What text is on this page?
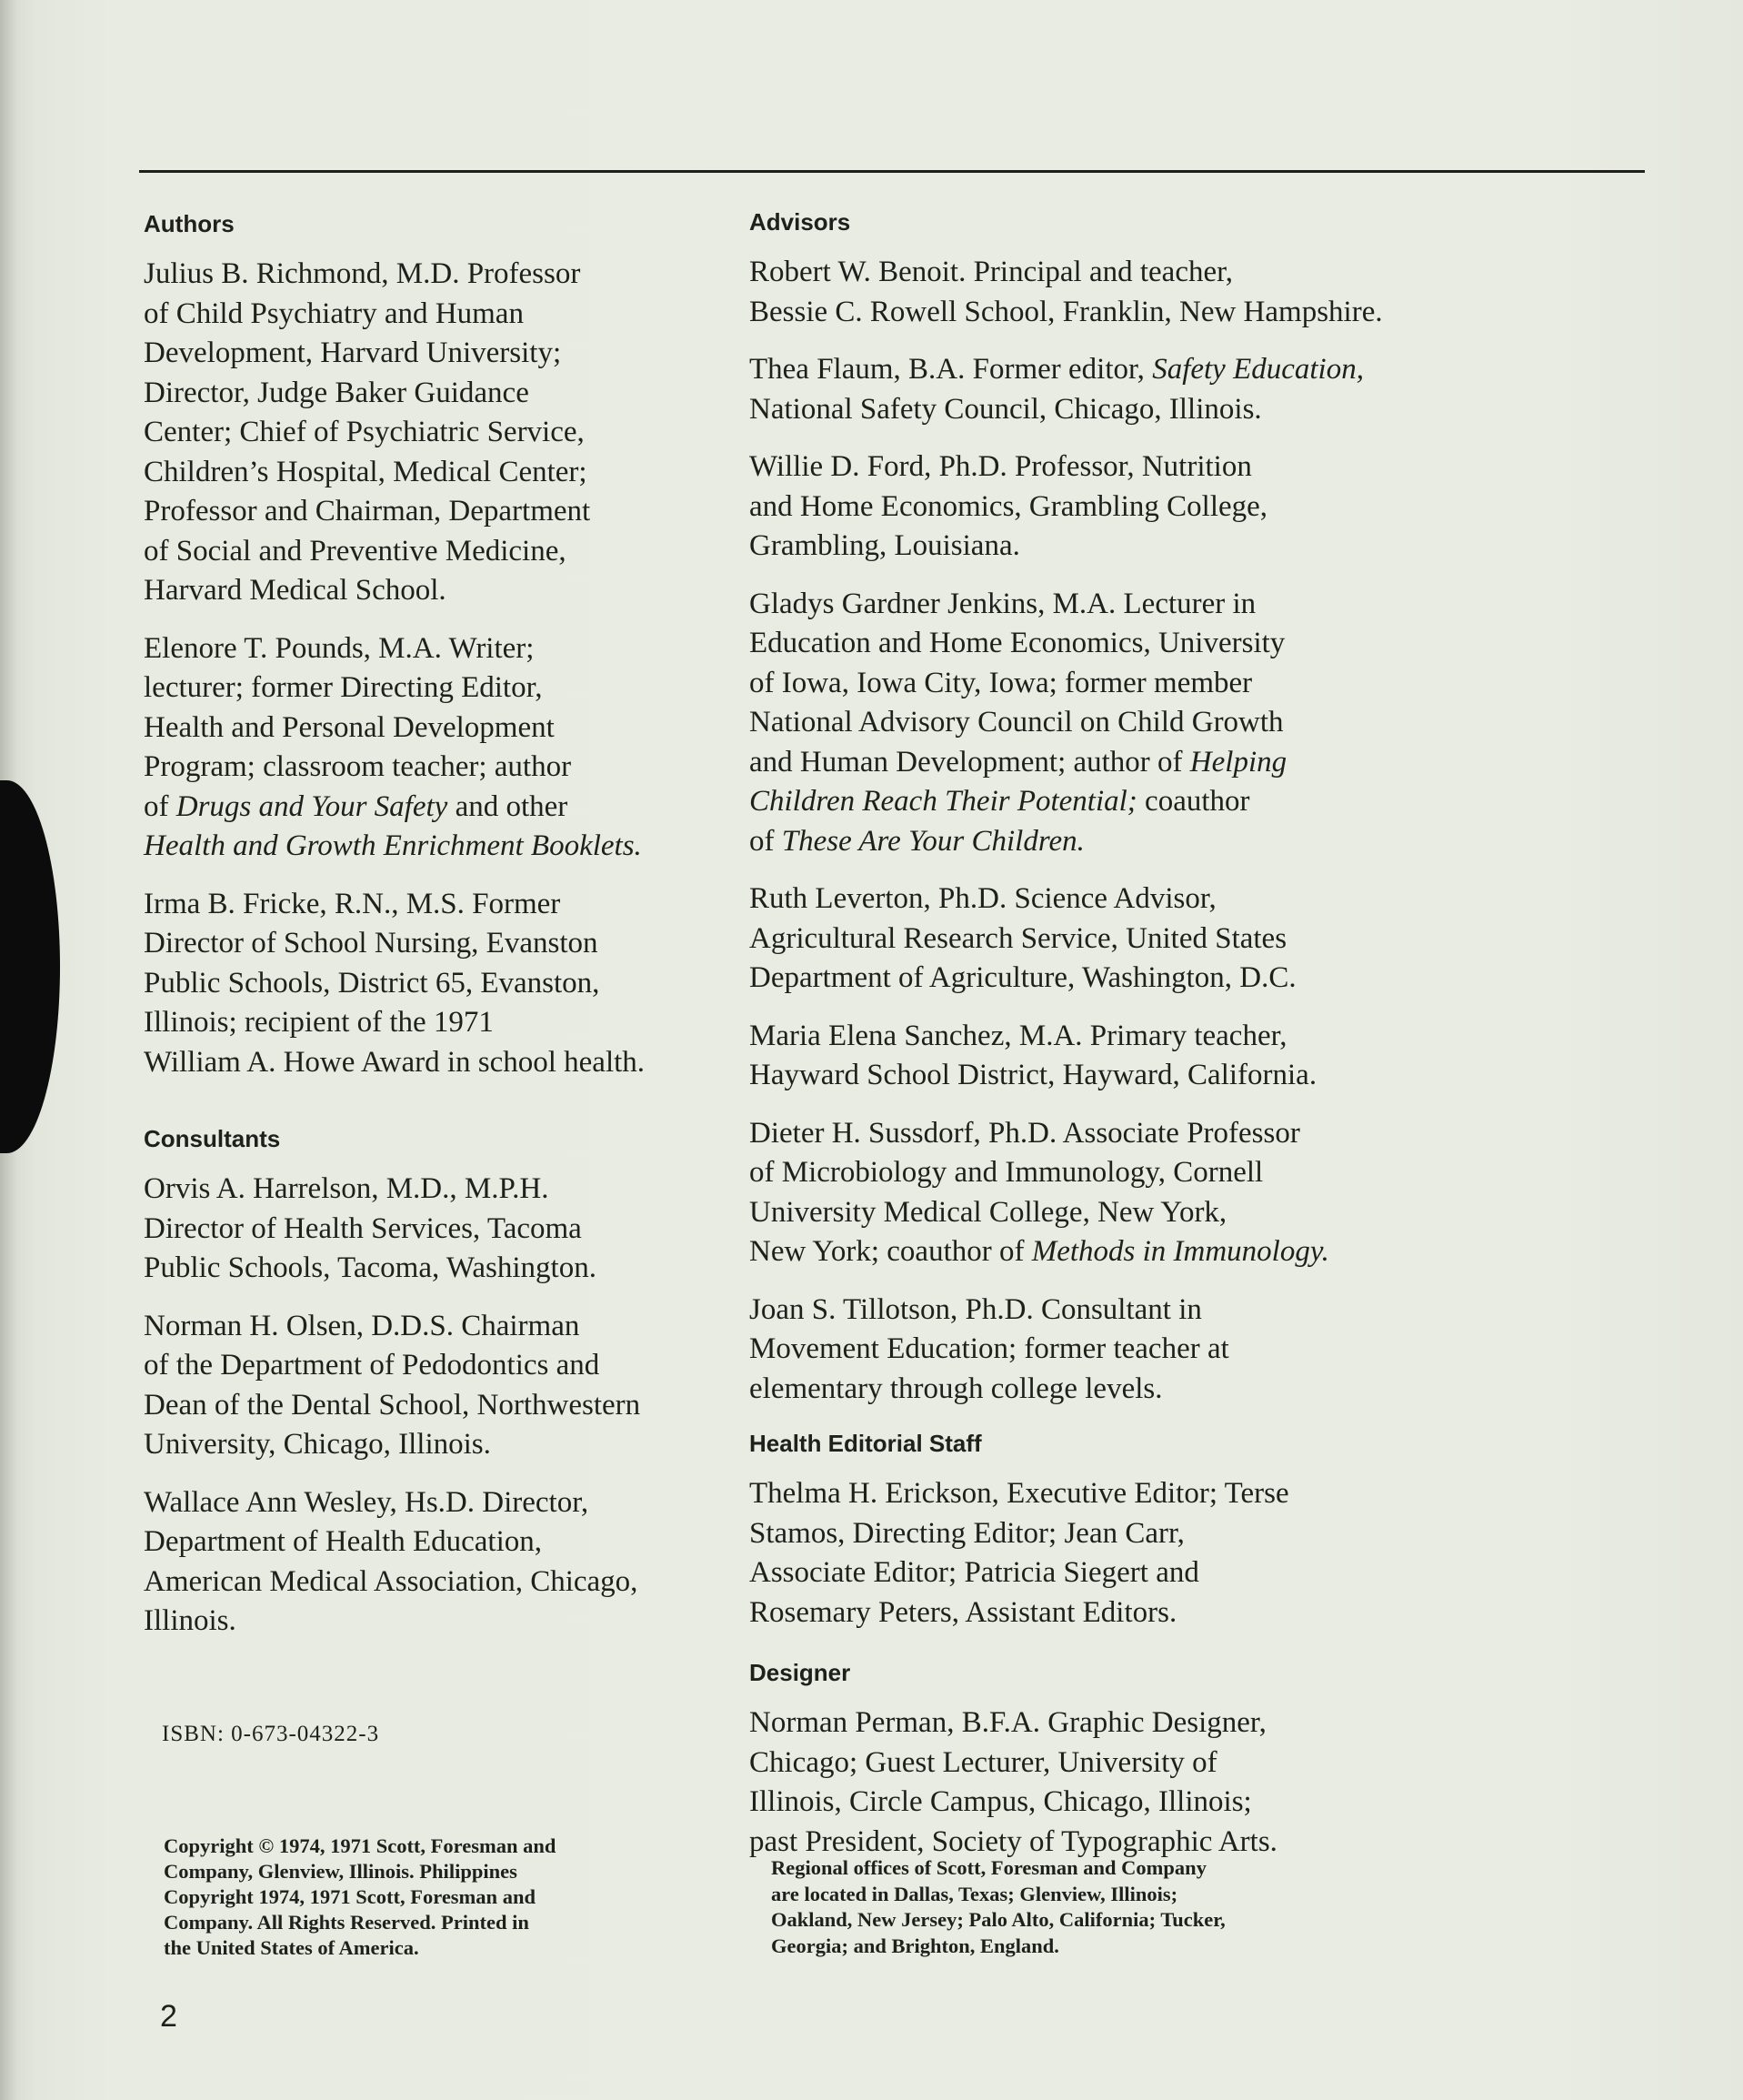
Authors
Julius B. Richmond, M.D. Professor
of Child Psychiatry and Human
Development, Harvard University;
Director, Judge Baker Guidance
Center; Chief of Psychiatric Service,
Children’s Hospital, Medical Center;
Professor and Chairman, Department
of Social and Preventive Medicine,
Harvard Medical School.
Elenore T. Pounds, M.A. Writer;
lecturer; former Directing Editor,
Health and Personal Development
Program; classroom teacher; author
of Drugs and Your Safety and other
Health and Growth Enrichment Booklets.
Irma B. Fricke, R.N., M.S. Former
Director of School Nursing, Evanston
Public Schools, District 65, Evanston,
Illinois; recipient of the 1971
William A. Howe Award in school health.
Consultants
Orvis A. Harrelson, M.D., M.P.H.
Director of Health Services, Tacoma
Public Schools, Tacoma, Washington.
Norman H. Olsen, D.D.S. Chairman
of the Department of Pedodontics and
Dean of the Dental School, Northwestern
University, Chicago, Illinois.
Wallace Ann Wesley, Hs.D. Director,
Department of Health Education,
American Medical Association, Chicago,
Illinois.
Advisors
Robert W. Benoit. Principal and teacher,
Bessie C. Rowell School, Franklin, New Hampshire.
Thea Flaum, B.A. Former editor, Safety Education,
National Safety Council, Chicago, Illinois.
Willie D. Ford, Ph.D. Professor, Nutrition
and Home Economics, Grambling College,
Grambling, Louisiana.
Gladys Gardner Jenkins, M.A. Lecturer in
Education and Home Economics, University
of Iowa, Iowa City, Iowa; former member
National Advisory Council on Child Growth
and Human Development; author of Helping
Children Reach Their Potential; coauthor
of These Are Your Children.
Ruth Leverton, Ph.D. Science Advisor,
Agricultural Research Service, United States
Department of Agriculture, Washington, D.C.
Maria Elena Sanchez, M.A. Primary teacher,
Hayward School District, Hayward, California.
Dieter H. Sussdorf, Ph.D. Associate Professor
of Microbiology and Immunology, Cornell
University Medical College, New York,
New York; coauthor of Methods in Immunology.
Joan S. Tillotson, Ph.D. Consultant in
Movement Education; former teacher at
elementary through college levels.
Health Editorial Staff
Thelma H. Erickson, Executive Editor; Terse
Stamos, Directing Editor; Jean Carr,
Associate Editor; Patricia Siegert and
Rosemary Peters, Assistant Editors.
Designer
Norman Perman, B.F.A. Graphic Designer,
Chicago; Guest Lecturer, University of
Illinois, Circle Campus, Chicago, Illinois;
past President, Society of Typographic Arts.
ISBN: 0-673-04322-3
Copyright © 1974, 1971 Scott, Foresman and
Company, Glenview, Illinois. Philippines
Copyright 1974, 1971 Scott, Foresman and
Company. All Rights Reserved. Printed in
the United States of America.
Regional offices of Scott, Foresman and Company
are located in Dallas, Texas; Glenview, Illinois;
Oakland, New Jersey; Palo Alto, California; Tucker,
Georgia; and Brighton, England.
2
